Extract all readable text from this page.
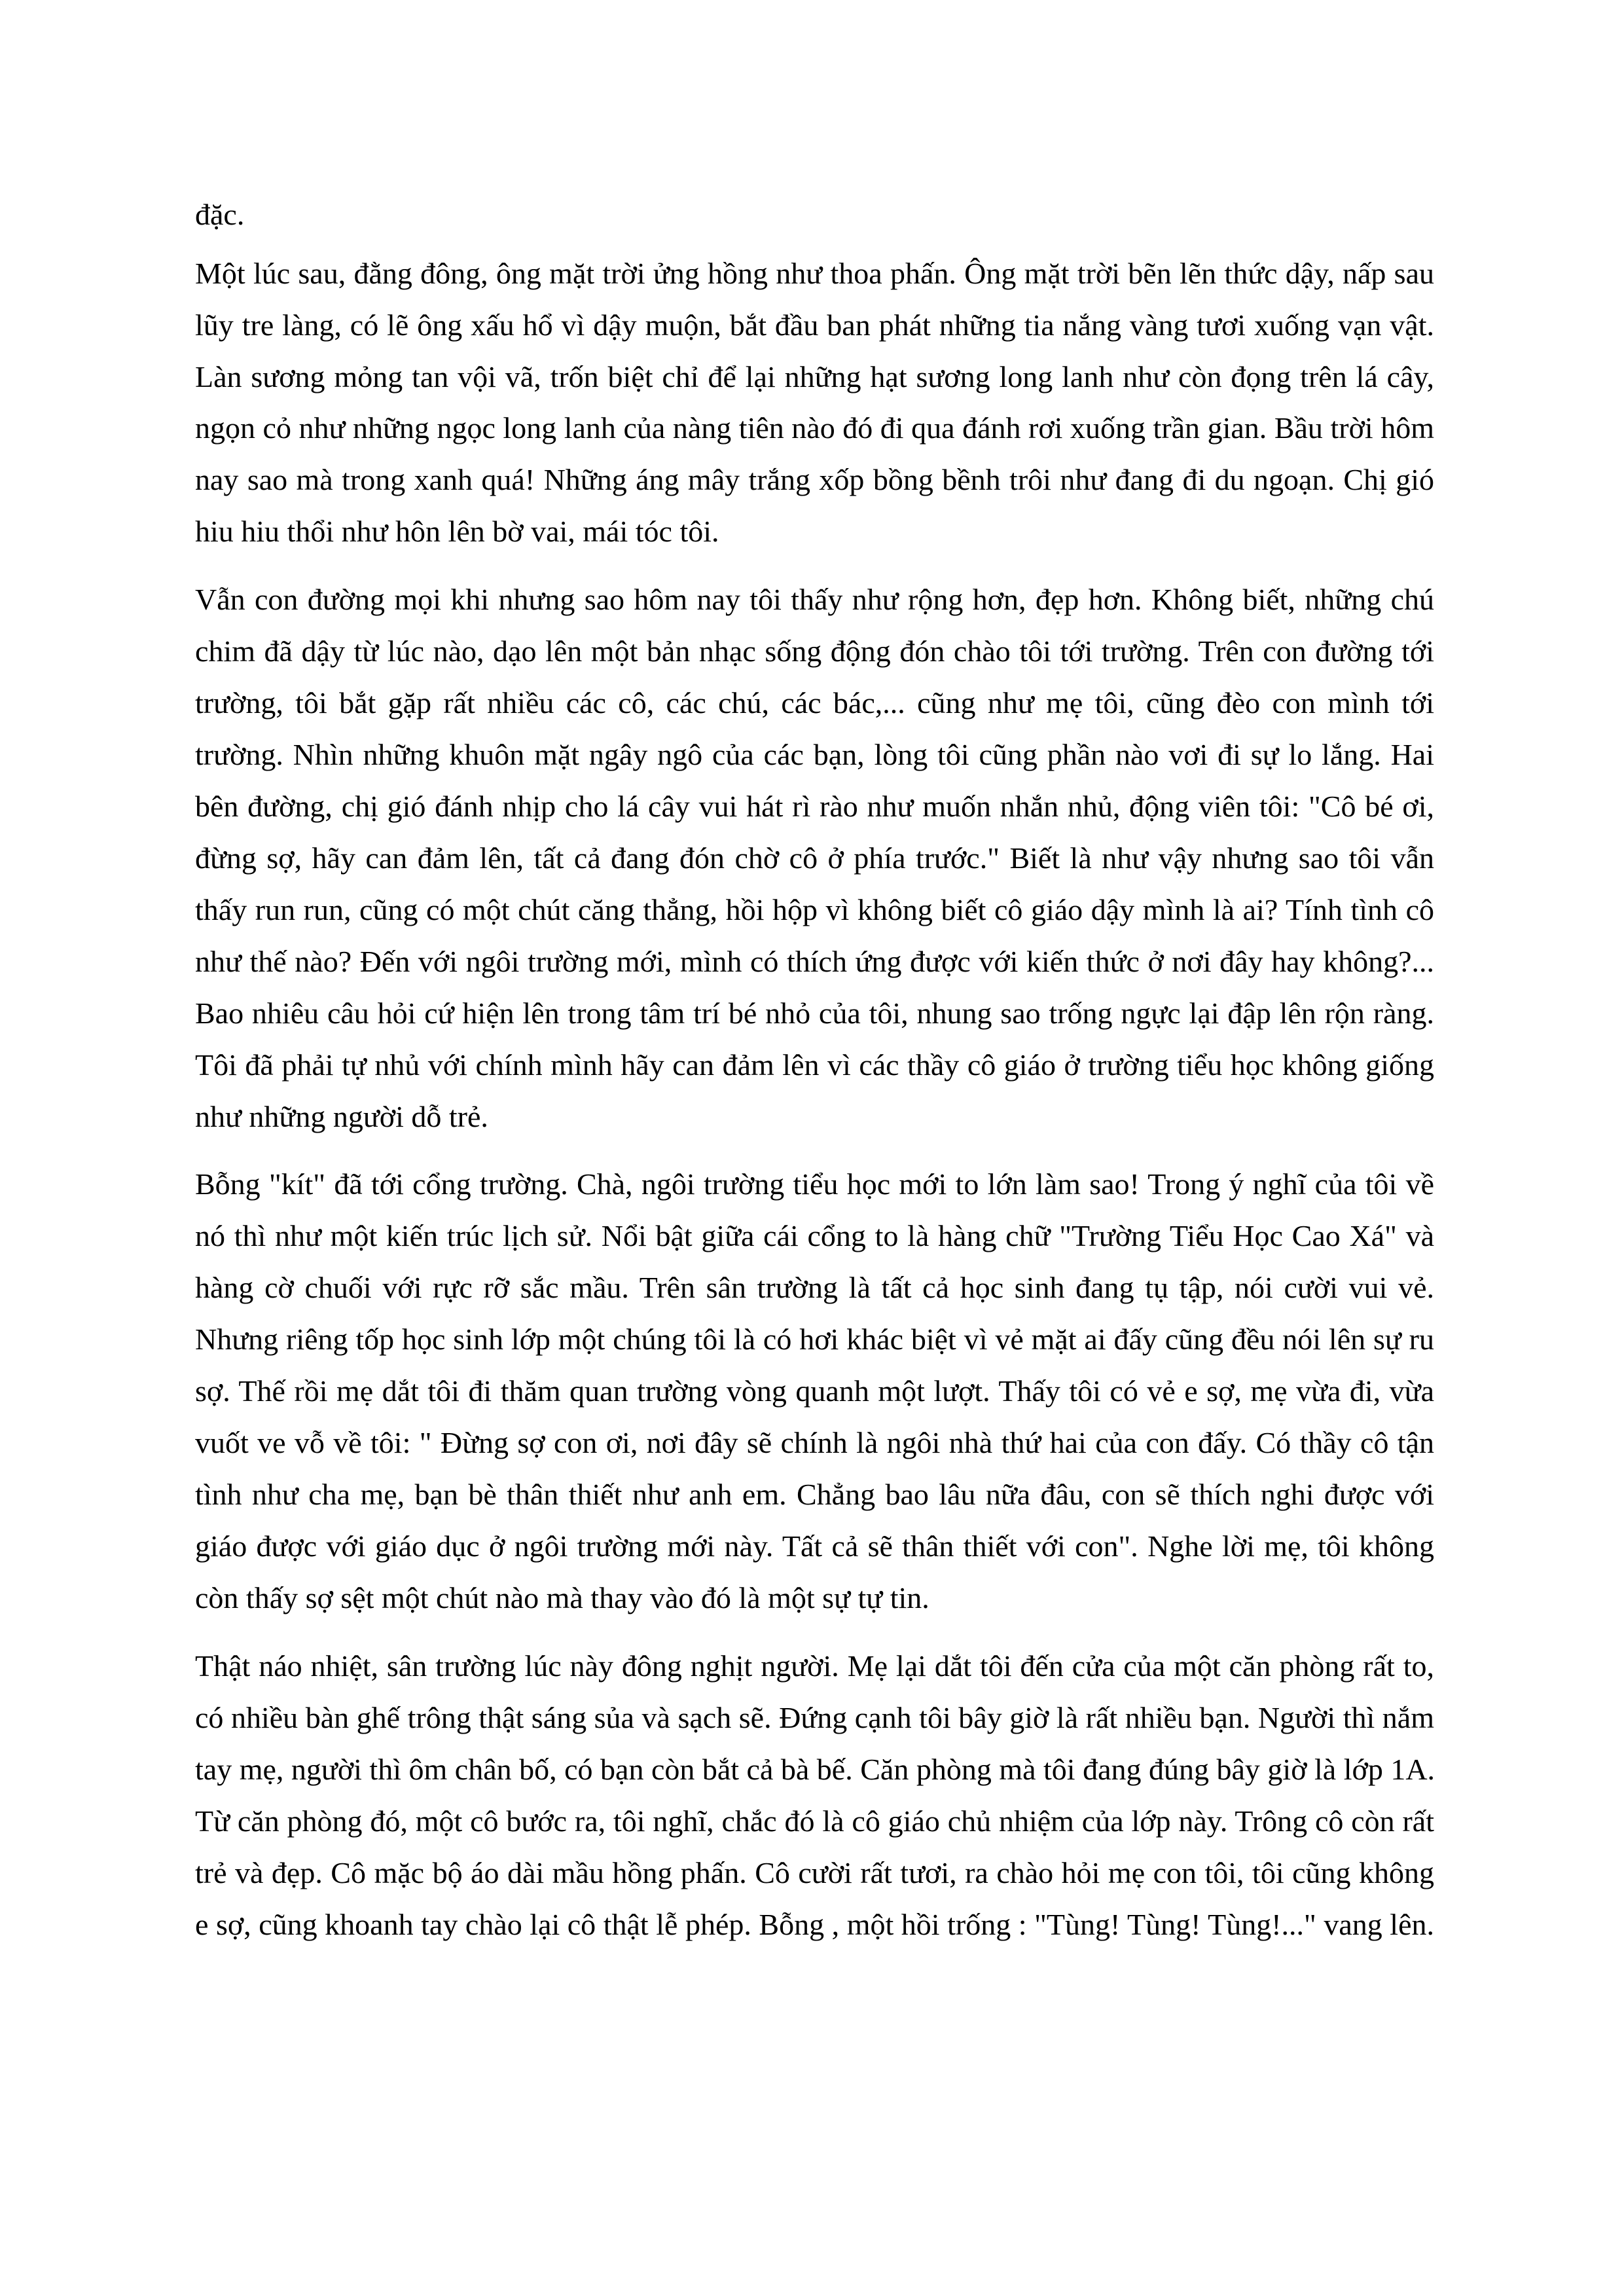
đặc.

Một lúc sau, đằng đông, ông mặt trời ửng hồng như thoa phấn. Ông mặt trời bẽn lẽn thức dậy, nấp sau

lũy tre làng, có lẽ ông xấu hổ vì dậy muộn, bắt đầu ban phát những tia nắng vàng tươi xuống vạn vật.

Làn sương mỏng tan vội vã, trốn biệt chỉ để lại những hạt sương long lanh như còn đọng trên lá cây,

ngọn cỏ như những ngọc long lanh của nàng tiên nào đó đi qua đánh rơi xuống trần gian. Bầu trời hôm

nay sao mà trong xanh quá! Những áng mây trắng xốp bồng bềnh trôi như đang đi du ngoạn. Chị gió

hiu hiu thổi như hôn lên bờ vai, mái tóc tôi.

Vẫn con đường mọi khi nhưng sao hôm nay tôi thấy như rộng hơn, đẹp hơn. Không biết, những chú

chim đã dậy từ lúc nào, dạo lên một bản nhạc sống động đón chào tôi tới trường. Trên con đường tới

trường, tôi bắt gặp rất nhiều các cô, các chú, các bác,... cũng như mẹ tôi, cũng đèo con mình tới

trường. Nhìn những khuôn mặt ngây ngô của các bạn, lòng tôi cũng phần nào vơi đi sự lo lắng. Hai

bên đường, chị gió đánh nhịp cho lá cây vui hát rì rào như muốn nhắn nhủ, động viên tôi: "Cô bé ơi,

đừng sợ, hãy can đảm lên, tất cả đang đón chờ cô ở phía trước." Biết là như vậy nhưng sao tôi vẫn

thấy run run, cũng có một chút căng thẳng, hồi hộp vì không biết cô giáo dậy mình là ai? Tính tình cô

như thế nào? Đến với ngôi trường mới, mình có thích ứng được với kiến thức ở nơi đây hay không?...

Bao nhiêu câu hỏi cứ hiện lên trong tâm trí bé nhỏ của tôi, nhung sao trống ngực lại đập lên rộn ràng.

Tôi đã phải tự nhủ với chính mình hãy can đảm lên vì các thầy cô giáo ở trường tiểu học không giống

như những người dỗ trẻ.

Bỗng "kít" đã tới cổng trường. Chà, ngôi trường tiểu học mới to lớn làm sao! Trong ý nghĩ của tôi về

nó thì như một kiến trúc lịch sử. Nổi bật giữa cái cổng to là hàng chữ "Trường Tiểu Học Cao Xá" và

hàng cờ chuối với rực rỡ sắc mầu. Trên sân trường là tất cả học sinh đang tụ tập, nói cười vui vẻ.

Nhưng riêng tốp học sinh lớp một chúng tôi là có hơi khác biệt vì vẻ mặt ai đấy cũng đều nói lên sự ru

sợ. Thế rồi mẹ dắt tôi đi thăm quan trường vòng quanh một lượt. Thấy tôi có vẻ e sợ, mẹ vừa đi, vừa

vuốt ve vỗ về tôi: " Đừng sợ con ơi, nơi đây sẽ chính là ngôi nhà thứ hai của con đấy. Có thầy cô tận

tình như cha mẹ, bạn bè thân thiết như anh em. Chẳng bao lâu nữa đâu, con sẽ thích nghi được với

giáo được với giáo dục ở ngôi trường mới này. Tất cả sẽ thân thiết với con". Nghe lời mẹ, tôi không

còn thấy sợ sệt một chút nào mà thay vào đó là một sự tự tin.

Thật náo nhiệt, sân trường lúc này đông nghịt người. Mẹ lại dắt tôi đến cửa của một căn phòng rất to,

có nhiều bàn ghế trông thật sáng sủa và sạch sẽ. Đứng cạnh tôi bây giờ là rất nhiều bạn. Người thì nắm

tay mẹ, người thì ôm chân bố, có bạn còn bắt cả bà bế. Căn phòng mà tôi đang đúng bây giờ là lớp 1A.

Từ căn phòng đó, một cô bước ra, tôi nghĩ, chắc đó là cô giáo chủ nhiệm của lớp này. Trông cô còn rất

trẻ và đẹp. Cô mặc bộ áo dài mầu hồng phấn. Cô cười rất tươi, ra chào hỏi mẹ con tôi, tôi cũng không

e sợ, cũng khoanh tay chào lại cô thật lễ phép. Bỗng , một hồi trống : "Tùng! Tùng! Tùng!..." vang lên.
